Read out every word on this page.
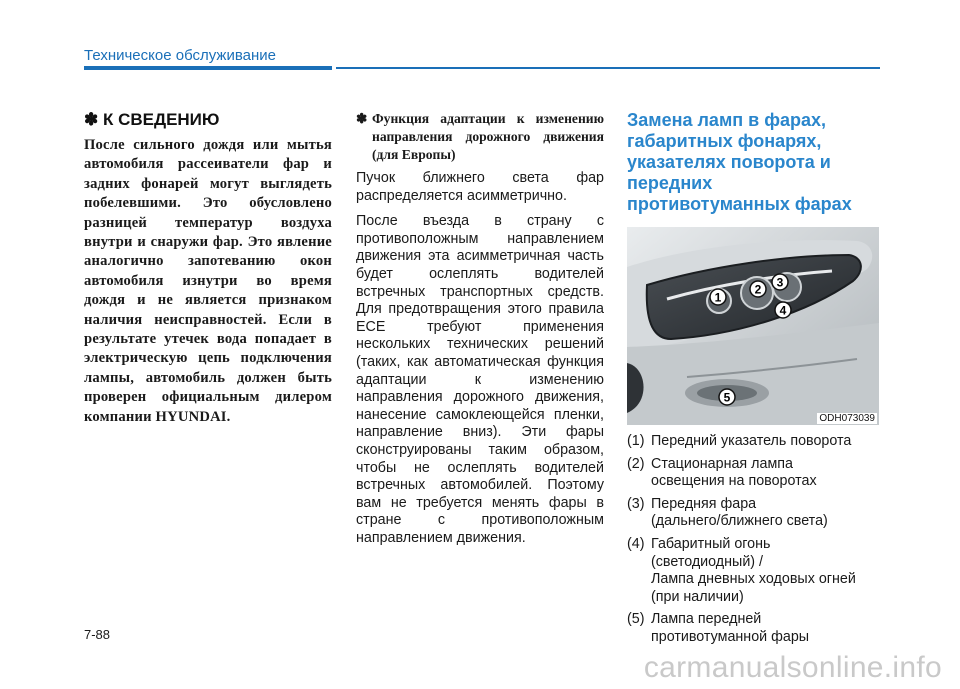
Техническое обслуживание
✽ К СВЕДЕНИЮ

После сильного дождя или мытья автомобиля рассеиватели фар и задних фонарей могут выглядеть побелевшими. Это обусловлено разницей температур воздуха внутри и снаружи фар. Это явление аналогично запотеванию окон автомобиля изнутри во время дождя и не является признаком наличия неисправностей. Если в результате утечек вода попадает в электрическую цепь подключения лампы, автомобиль должен быть проверен официальным дилером компании HYUNDAI.

✽ Функция адаптации к изменению направления дорожного движения (для Европы)

Пучок ближнего света фар распределяется асимметрично.

После въезда в страну с противоположным направлением движения эта асимметричная часть будет ослеплять водителей встречных транспортных средств. Для предотвращения этого правила ЕСЕ требуют применения нескольких технических решений (таких, как автоматическая функция адаптации к изменению направления дорожного движения, нанесение самоклеющейся пленки, направление вниз). Эти фары сконструированы таким образом, чтобы не ослеплять водителей встречных автомобилей. Поэтому вам не требуется менять фары в стране с противоположным направлением движения.

Замена ламп в фарах, габаритных фонарях, указателях поворота и передних противотуманных фарах
1
2 3
4
5
ODH073039
(1) Передний указатель поворота
(2) Стационарная лампа
освещения на поворотах
(3) Передняя фара
(дальнего/ближнего света)
(4) Габаритный огонь
(светодиодный) /
Лампа дневных ходовых огней
(при наличии)
(5) Лампа передней
противотуманной фары
7-88
carmanualsonline.info
